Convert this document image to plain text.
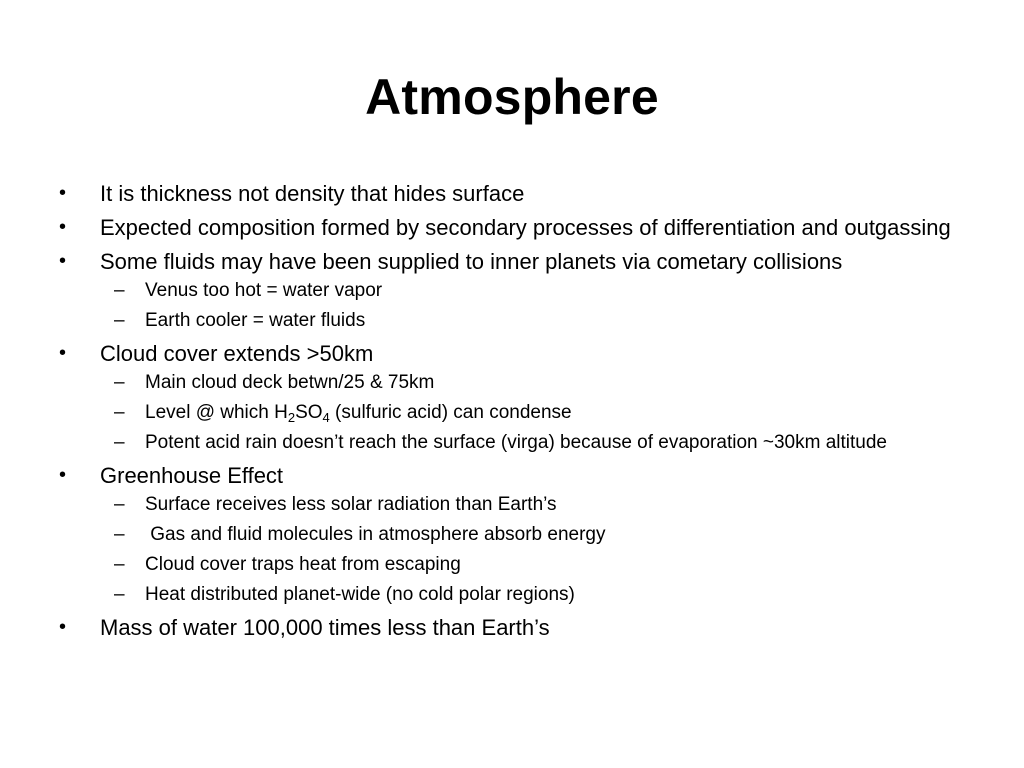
Atmosphere
• It is thickness not density that hides surface
• Expected composition formed by secondary processes of differentiation and outgassing
• Some fluids may have been supplied to inner planets via cometary collisions
– Venus too hot = water vapor
– Earth cooler = water fluids
• Cloud cover extends >50km
– Main cloud deck betwn/25 & 75km
– Level @ which $H_2SO_4$ (sulfuric acid) can condense
– Potent acid rain doesn’t reach the surface (virga) because of evaporation ~30km altitude
• Greenhouse Effect
– Surface receives less solar radiation than Earth’s
– Gas and fluid molecules in atmosphere absorb energy
– Cloud cover traps heat from escaping
– Heat distributed planet-wide (no cold polar regions)
• Mass of water 100,000 times less than Earth’s
